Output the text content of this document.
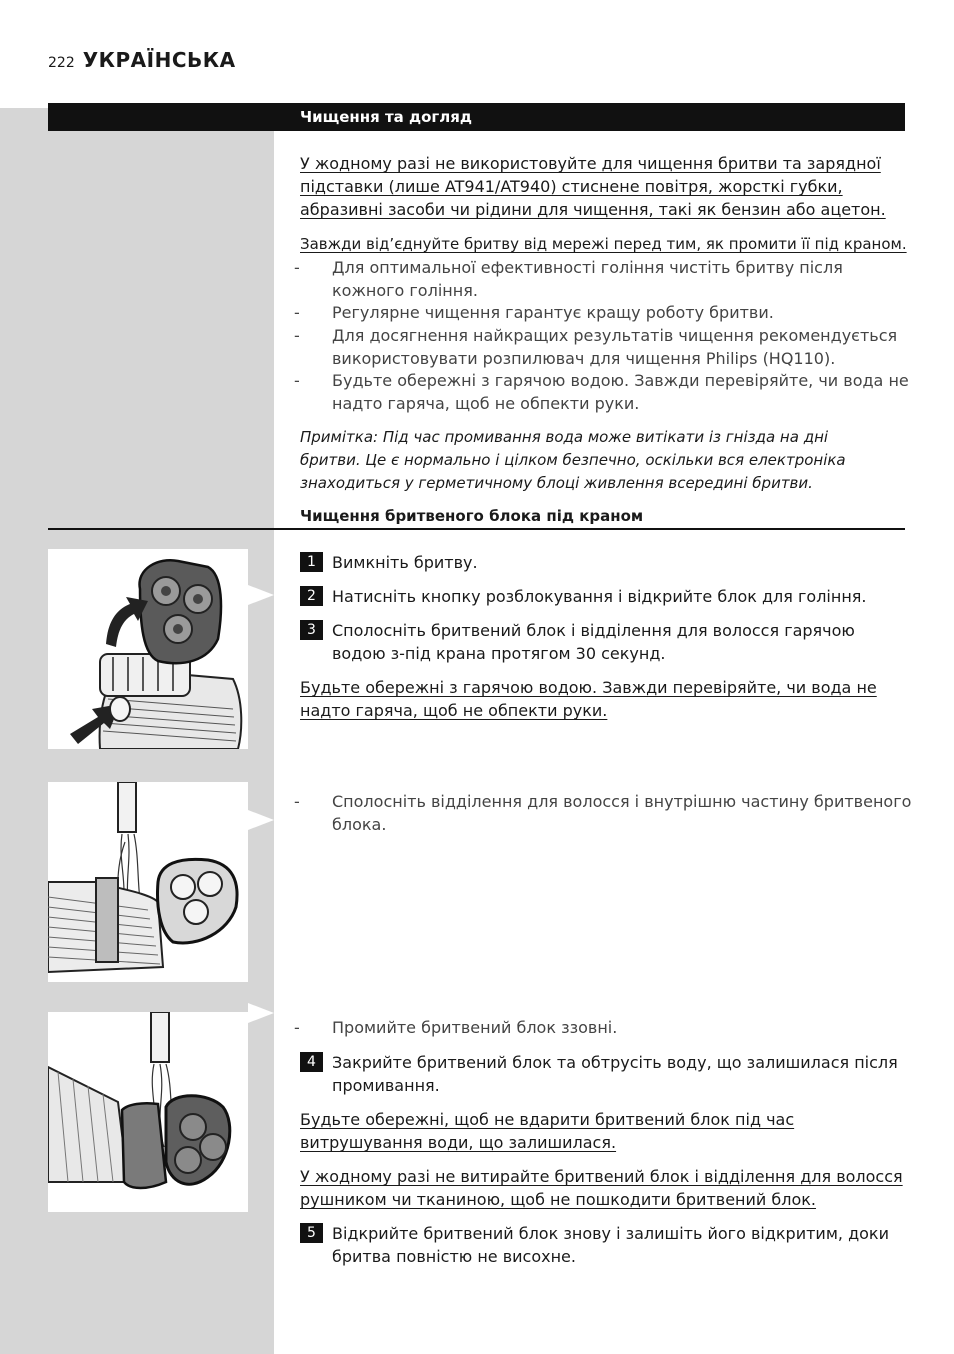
222 УКРАЇНСЬКА
Чищення та догляд
У жодному разі не використовуйте для чищення бритви та зарядної
підставки (лише AT941/AT940) стиснене повітря, жорсткі губки,
абразивні засоби чи рідини для чищення, такі як бензин або ацетон.
Завжди від’єднуйте бритву від мережі перед тим, як промити її під краном.
- Для оптимальної ефективності гоління чистіть бритву після
кожного гоління.
- Регулярне чищення гарантує кращу роботу бритви.
- Для досягнення найкращих результатів чищення рекомендується
використовувати розпилювач для чищення Philips (HQ110).
- Будьте обережні з гарячою водою. Завжди перевіряйте, чи вода не
надто гаряча, щоб не обпекти руки.
Примітка: Під час промивання вода може витікати із гнізда на дні
бритви. Це є нормально і цілком безпечно, оскільки вся електроніка
знаходиться у герметичному блоці живлення всередині бритви.
Чищення бритвеного блока під краном
1	Вимкніть бритву.
2	Натисніть кнопку розблокування і відкрийте блок для гоління.
3	Сполосніть бритвений блок і відділення для волосся гарячою
водою з-під крана протягом 30 секунд.
Будьте обережні з гарячою водою. Завжди перевіряйте, чи вода не
надто гаряча, щоб не обпекти руки.
- Сполосніть відділення для волосся і внутрішню частину бритвеного
блока.
- Промийте бритвений блок ззовні.
4	Закрийте бритвений блок та обтрусіть воду, що залишилася після
промивання.
Будьте обережні, щоб не вдарити бритвений блок під час
витрушування води, що залишилася.
У жодному разі не витирайте бритвений блок і відділення для волосся
рушником чи тканиною, щоб не пошкодити бритвений блок.
5	Відкрийте бритвений блок знову і залишіть його відкритим, доки
бритва повністю не висохне.
